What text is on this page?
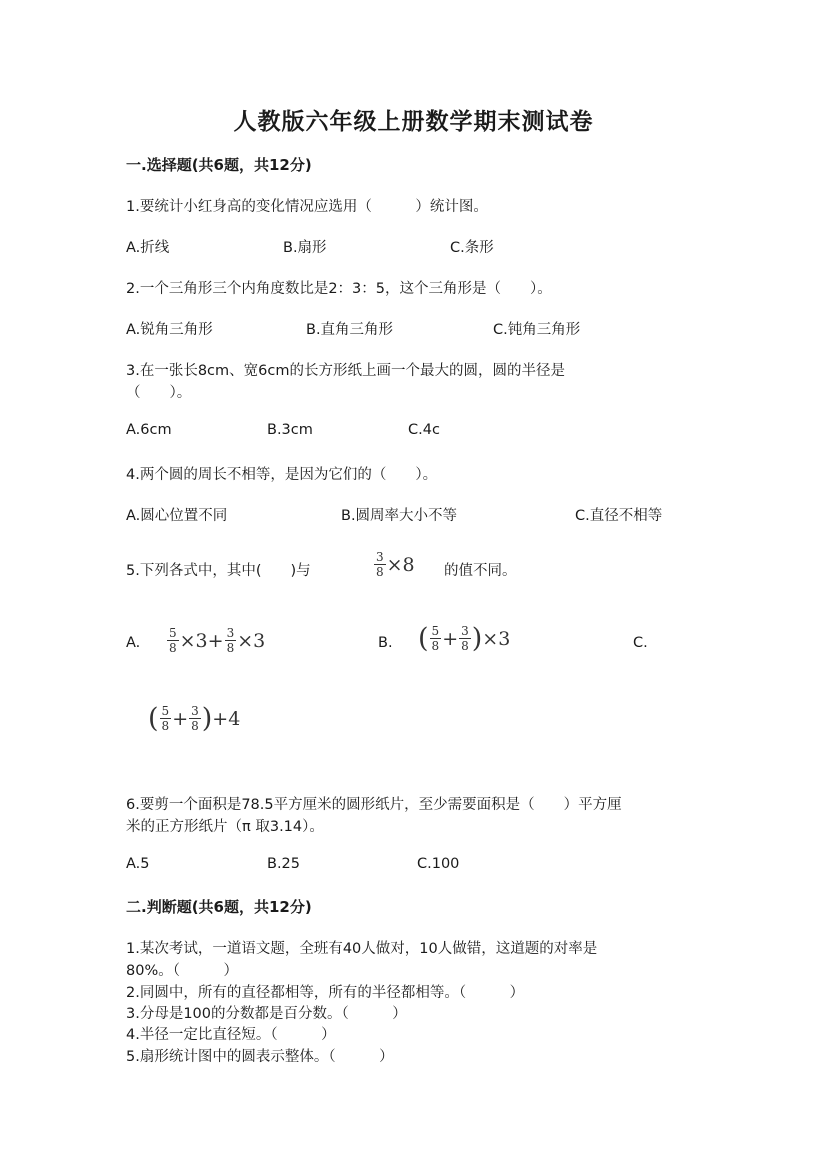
人教版六年级上册数学期末测试卷
一.选择题(共6题，共12分)
1.要统计小红身高的变化情况应选用（　　　）统计图。
A.折线	B.扇形	C.条形
2.一个三角形三个内角度数比是2：3：5，这个三角形是（　　）。
A.锐角三角形	B.直角三角形	C.钝角三角形
3.在一张长8cm、宽6cm的长方形纸上画一个最大的圆，圆的半径是
（　　）。
A.6cm	B.3cm	C.4c
4.两个圆的周长不相等，是因为它们的（　　）。
A.圆心位置不同	B.圆周率大小不等	C.直径不相等
5.下列各式中，其中(　　)与	$\frac{3}{8} \times 8$ 的值不同。
A. $\frac{5}{8} \times 3+ \frac{3}{8} \times 3$	B. ( $\frac{5}{8} + \frac{3}{8}$ ) ×3	C.
( $\frac{5}{8} + \frac{3}{8}$ ) +4
6.要剪一个面积是78.5平方厘米的圆形纸片，至少需要面积是（　　）平方厘
米的正方形纸片（π 取3.14）。
A.5	B.25	C.100
二.判断题(共6题，共12分)
1.某次考试，一道语文题，全班有40人做对，10人做错，这道题的对率是
80%。（　　　）
2.同圆中，所有的直径都相等，所有的半径都相等。（　　　）
3.分母是100的分数都是百分数。（　　　）
4.半径一定比直径短。（　　　）
5.扇形统计图中的圆表示整体。（　　　）
